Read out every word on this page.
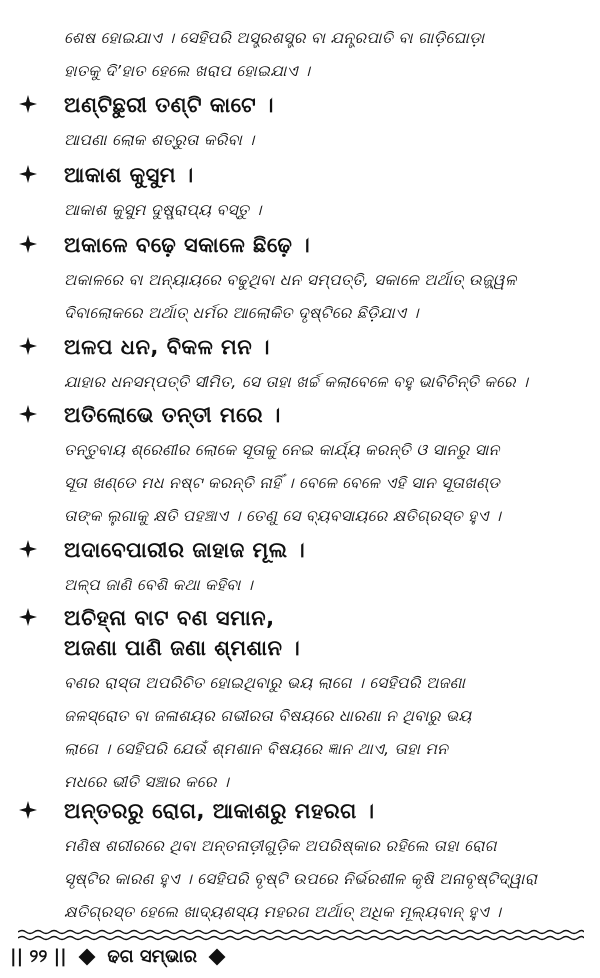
ଶେଷ ହୋଇଯାଏ । ସେହିପରି ଅସ୍ତ୍ରଶସ୍ତ୍ର ବା ଯନ୍ତ୍ରପାତି ବା ଗାଡ଼ିଘୋଡ଼ା

ହାତକୁ ଦି’ହାତ ହେଲେ ଖରାପ ହୋଇଯାଏ ।

ଅଣ୍ଟିଛୁରୀ ତଣ୍ଟି କାଟେ ।

ଆପଣା ଲୋକ ଶତ୍ରୁତା କରିବା ।

ଆକାଶ କୁସୁମ ।

ଆକାଶ କୁସୁମ ଦୁଷ୍ପ୍ରାପ୍ୟ ବସ୍ତୁ ।

ଅକାଳେ ବଢ଼େ ସକାଳେ ଛିଢ଼େ ।

ଅକାଳରେ ବା ଅନ୍ୟାୟରେ ବଢୁଥିବା ଧନ ସମ୍ପତ୍ତି, ସକାଳେ ଅର୍ଥାତ୍ ଉଜ୍ଜ୍ୱଳ

ଦିବାଲୋକରେ ଅର୍ଥାତ୍ ଧର୍ମର ଆଲୋକିତ ଦୃଷ୍ଟିରେ ଛିଡ଼ିଯାଏ ।

ଅଳପ ଧନ, ବିକଳ ମନ ।

ଯାହାର ଧନସମ୍ପତ୍ତି ସୀମିତ, ସେ ତାହା ଖର୍ଚ୍ଚ କଲାବେଳେ ବହୁ ଭାବିଚିନ୍ତି କରେ ।

ଅତିଲୋଭେ ତନ୍ତୀ ମରେ ।

ତନ୍ତୁବାୟ ଶ୍ରେଣୀର ଲୋକେ ସୂତାକୁ ନେଇ କାର୍ଯ୍ୟ କରନ୍ତି ଓ ସାନରୁ ସାନ

ସୂତା ଖଣ୍ଡେ ମଧ ନଷ୍ଟ କରନ୍ତି ନାହିଁ । ବେଳେ ବେଳେ ଏହି ସାନ ସୂତାଖଣ୍ଡ

ତାଙ୍କ ଲୁଗାକୁ କ୍ଷତି ପହଞ୍ଚାଏ । ତେଣୁ ସେ ବ୍ୟବସାୟରେ କ୍ଷତିଗ୍ରସ୍ତ ହୁଏ ।

ଅଦାବେପାରୀର ଜାହାଜ ମୂଲ ।

ଅଳ୍ପ ଜାଣି ବେଶି କଥା କହିବା ।

ଅଚିହ୍ନା ବାଟ ବଣ ସମାନ,

ଅଜଣା ପାଣି ଜଣା ଶ୍ମଶାନ ।

ବଣର ରାସ୍ତା ଅପରିଚିତ ହୋଇଥିବାରୁ ଭୟ ଲାଗେ । ସେହିପରି ଅଜଣା

ଜଳସ୍ରୋତ ବା ଜଳାଶୟର ଗଭୀରତା ବିଷୟରେ ଧାରଣା ନ ଥିବାରୁ ଭୟ

ଲାଗେ । ସେହିପରି ଯେଉଁ ଶ୍ମଶାନ ବିଷୟରେ ଜ୍ଞାନ ଥାଏ, ତାହା ମନ

ମଧରେ ଭୀତି ସଞ୍ଚାର କରେ ।

ଅନ୍ତରରୁ ରୋଗ, ଆକାଶରୁ ମହରଗ ।

ମଣିଷ ଶରୀରରେ ଥିବା ଅନ୍ତନାଡ଼ୀଗୁଡ଼ିକ ଅପରିଷ୍କାର ରହିଲେ ତାହା ରୋଗ

ସୃଷ୍ଟିର କାରଣ ହୁଏ । ସେହିପରି ବୃଷ୍ଟି ଉପରେ ନିର୍ଭରଶୀଳ କୃଷି ଅନାବୃଷ୍ଟିଦ୍ୱାରା

କ୍ଷତିଗ୍ରସ୍ତ ହେଲେ ଖାଦ୍ୟଶସ୍ୟ ମହରଗ ଅର୍ଥାତ୍ ଅଧିକ ମୂଲ୍ୟବାନ୍ ହୁଏ ।

|| ୨୨ || ଢଗ ସମ୍ଭାର
